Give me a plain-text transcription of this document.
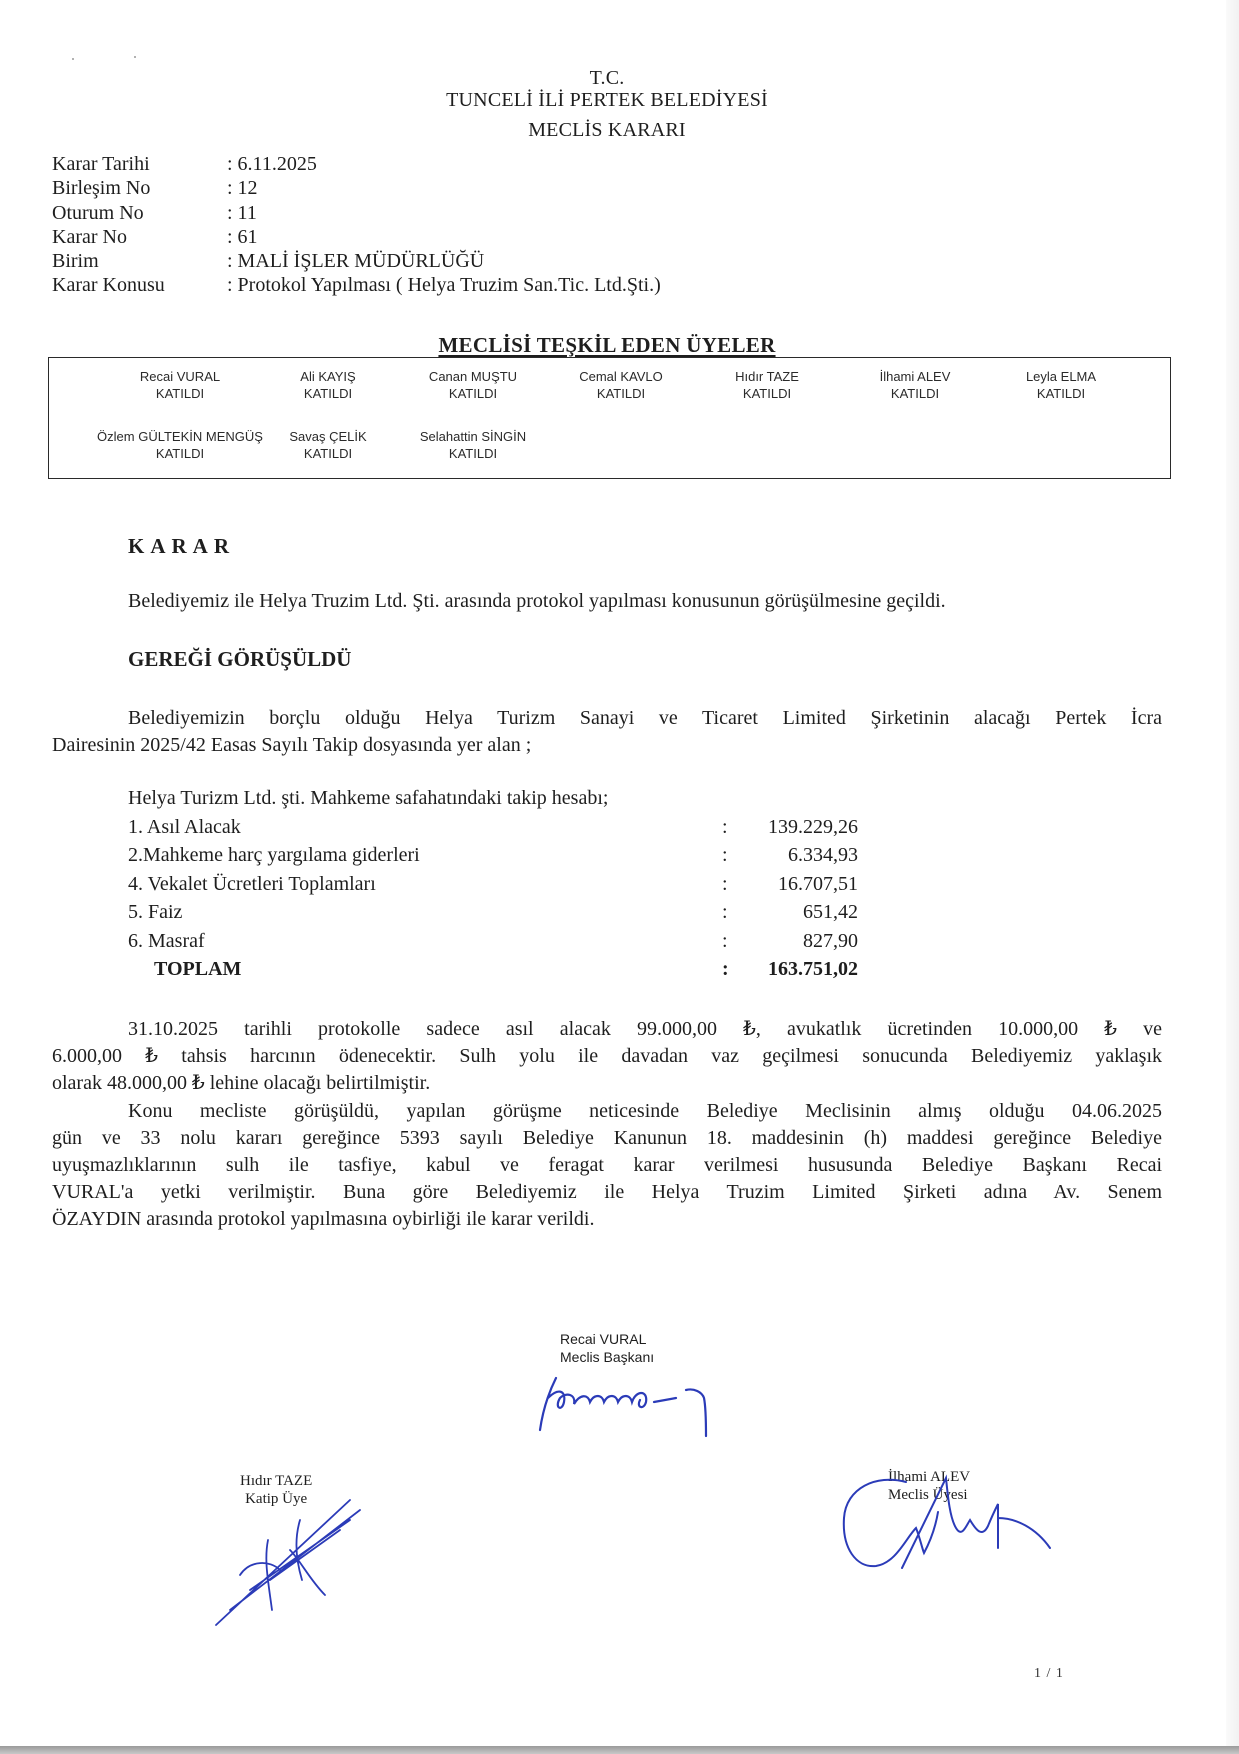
T.C.
TUNCELİ İLİ PERTEK BELEDİYESİ
MECLİS KARARI
Karar Tarihi	: 6.11.2025
Birleşim No	: 12
Oturum No	: 11
Karar No	: 61
Birim	: MALİ İŞLER MÜDÜRLÜĞÜ
Karar Konusu	: Protokol Yapılması ( Helya Truzim San.Tic. Ltd.Şti.)
MECLİSİ TEŞKİL EDEN ÜYELER
Recai VURAL
KATILDI
Ali KAYIŞ
KATILDI
Canan MUŞTU
KATILDI
Cemal KAVLO
KATILDI
Hıdır TAZE
KATILDI
İlhami ALEV
KATILDI
Leyla ELMA
KATILDI
Özlem GÜLTEKİN MENGÜŞ
KATILDI
Savaş ÇELİK
KATILDI
Selahattin SİNGİN
KATILDI
KARAR
Belediyemiz ile Helya Truzim Ltd. Şti. arasında protokol yapılması konusunun görüşülmesine geçildi.
GEREĞİ GÖRÜŞÜLDÜ
Belediyemizin borçlu olduğu Helya Turizm Sanayi ve Ticaret Limited Şirketinin alacağı Pertek İcra
Dairesinin 2025/42 Easas Sayılı Takip dosyasında yer alan ;
Helya Turizm Ltd. şti. Mahkeme safahatındaki takip hesabı;
1. Asıl Alacak	: 139.229,26
2.Mahkeme harç yargılama giderleri	:	6.334,93
4. Vekalet Ücretleri Toplamları	:	16.707,51
5. Faiz	:	651,42
6. Masraf	:	827,90
TOPLAM	: 163.751,02
31.10.2025 tarihli protokolle sadece asıl alacak 99.000,00 ₺, avukatlık ücretinden 10.000,00 ₺ ve
6.000,00 ₺ tahsis harcının ödenecektir. Sulh yolu ile davadan vaz geçilmesi sonucunda Belediyemiz yaklaşık
olarak 48.000,00 ₺ lehine olacağı belirtilmiştir.
Konu mecliste görüşüldü, yapılan görüşme neticesinde Belediye Meclisinin almış olduğu 04.06.2025
gün ve 33 nolu kararı gereğince 5393 sayılı Belediye Kanunun 18. maddesinin (h) maddesi gereğince Belediye
uyuşmazlıklarının sulh ile tasfiye, kabul ve feragat karar verilmesi hususunda Belediye Başkanı Recai
VURAL'a yetki verilmiştir. Buna göre Belediyemiz ile Helya Truzim Limited Şirketi adına Av. Senem
ÖZAYDIN arasında protokol yapılmasına oybirliği ile karar verildi.
Recai VURAL
Meclis Başkanı
Hıdır TAZE
Katip Üye
İlhami ALEV
Meclis Üyesi
1 / 1
